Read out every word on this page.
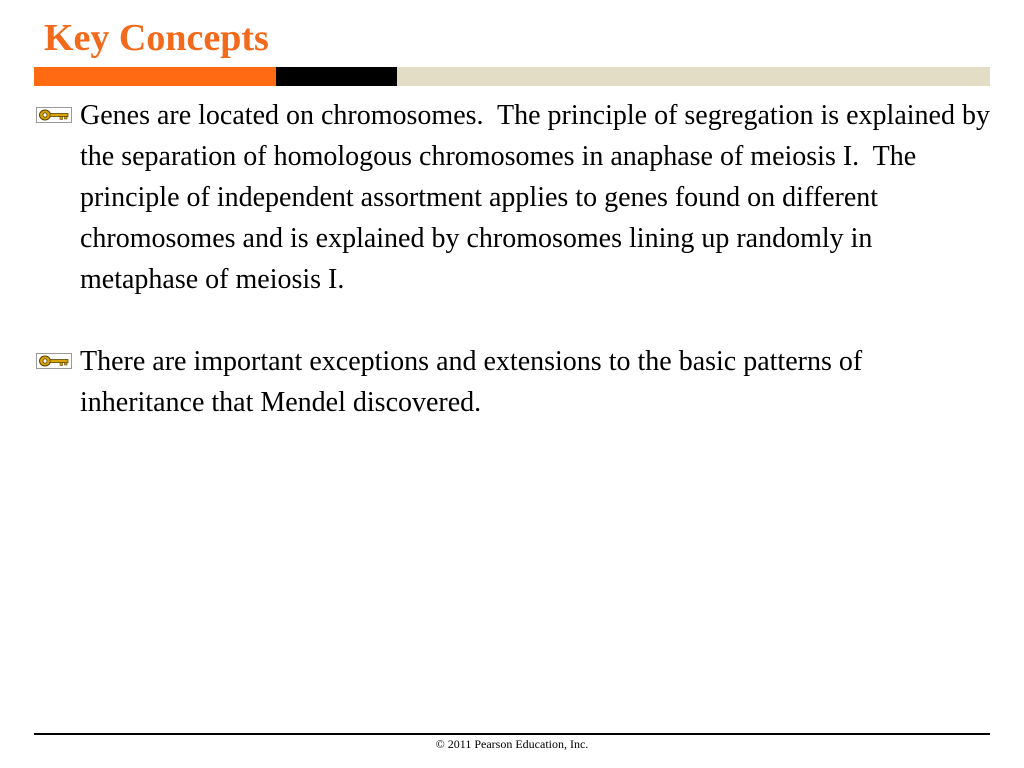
Key Concepts
Genes are located on chromosomes.  The principle of segregation is explained by the separation of homologous chromosomes in anaphase of meiosis I.  The principle of independent assortment applies to genes found on different chromosomes and is explained by chromosomes lining up randomly in metaphase of meiosis I.
There are important exceptions and extensions to the basic patterns of inheritance that Mendel discovered.
© 2011 Pearson Education, Inc.
